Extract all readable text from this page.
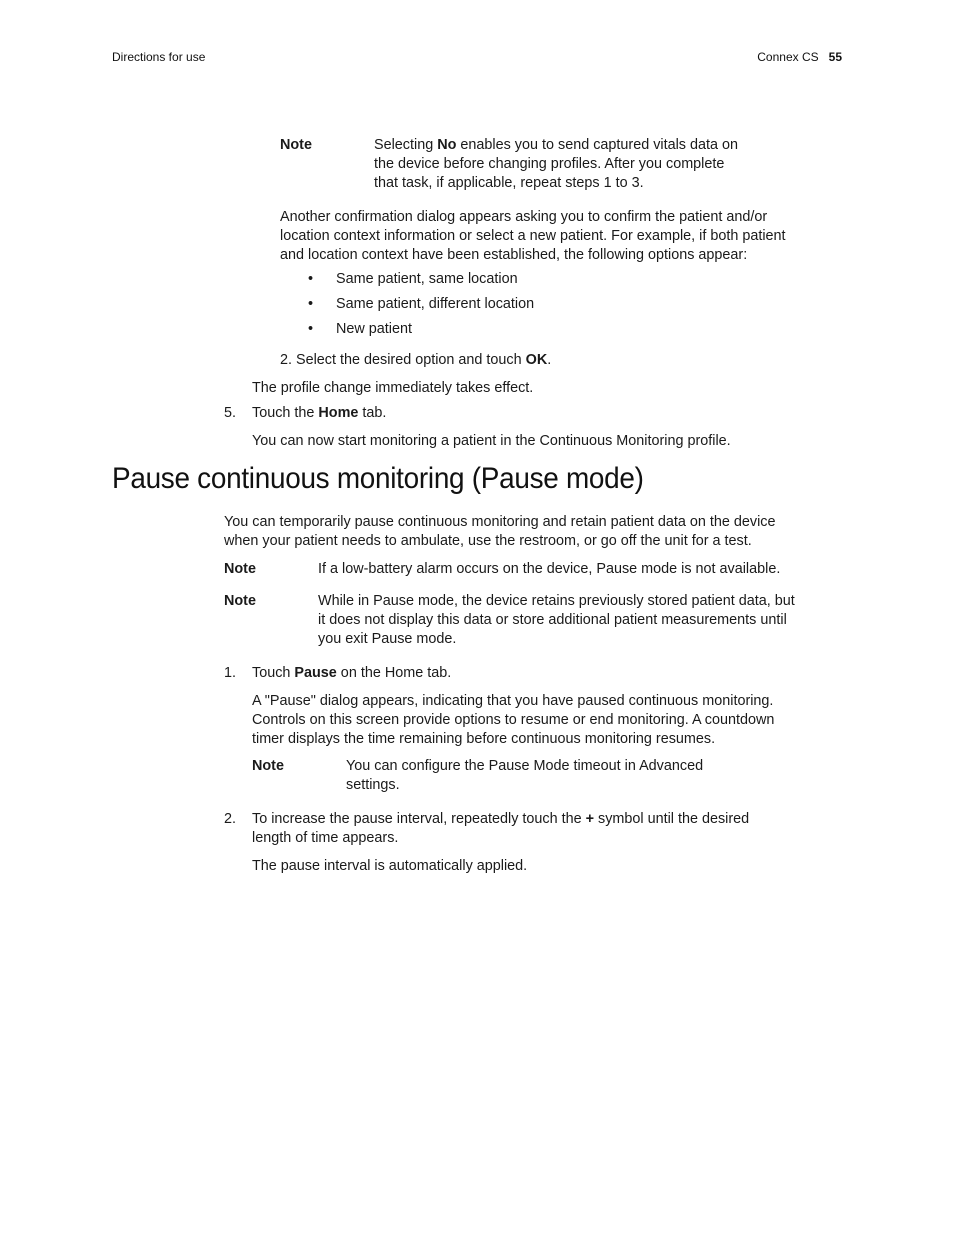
Directions for use	Connex CS 55
Note	Selecting No enables you to send captured vitals data on
the device before changing profiles. After you complete
that task, if applicable, repeat steps 1 to 3.
Another confirmation dialog appears asking you to confirm the patient and/or
location context information or select a new patient. For example, if both patient
and location context have been established, the following options appear:
• Same patient, same location
• Same patient, different location
• New patient
2. Select the desired option and touch OK.
The profile change immediately takes effect.
5. Touch the Home tab.
You can now start monitoring a patient in the Continuous Monitoring profile.
Pause continuous monitoring (Pause mode)
You can temporarily pause continuous monitoring and retain patient data on the device
when your patient needs to ambulate, use the restroom, or go off the unit for a test.
Note	If a low-battery alarm occurs on the device, Pause mode is not available.
Note	While in Pause mode, the device retains previously stored patient data, but
it does not display this data or store additional patient measurements until
you exit Pause mode.
1. Touch Pause on the Home tab.
A "Pause" dialog appears, indicating that you have paused continuous monitoring.
Controls on this screen provide options to resume or end monitoring. A countdown
timer displays the time remaining before continuous monitoring resumes.
Note	You can configure the Pause Mode timeout in Advanced
settings.
2. To increase the pause interval, repeatedly touch the + symbol until the desired
length of time appears.
The pause interval is automatically applied.
